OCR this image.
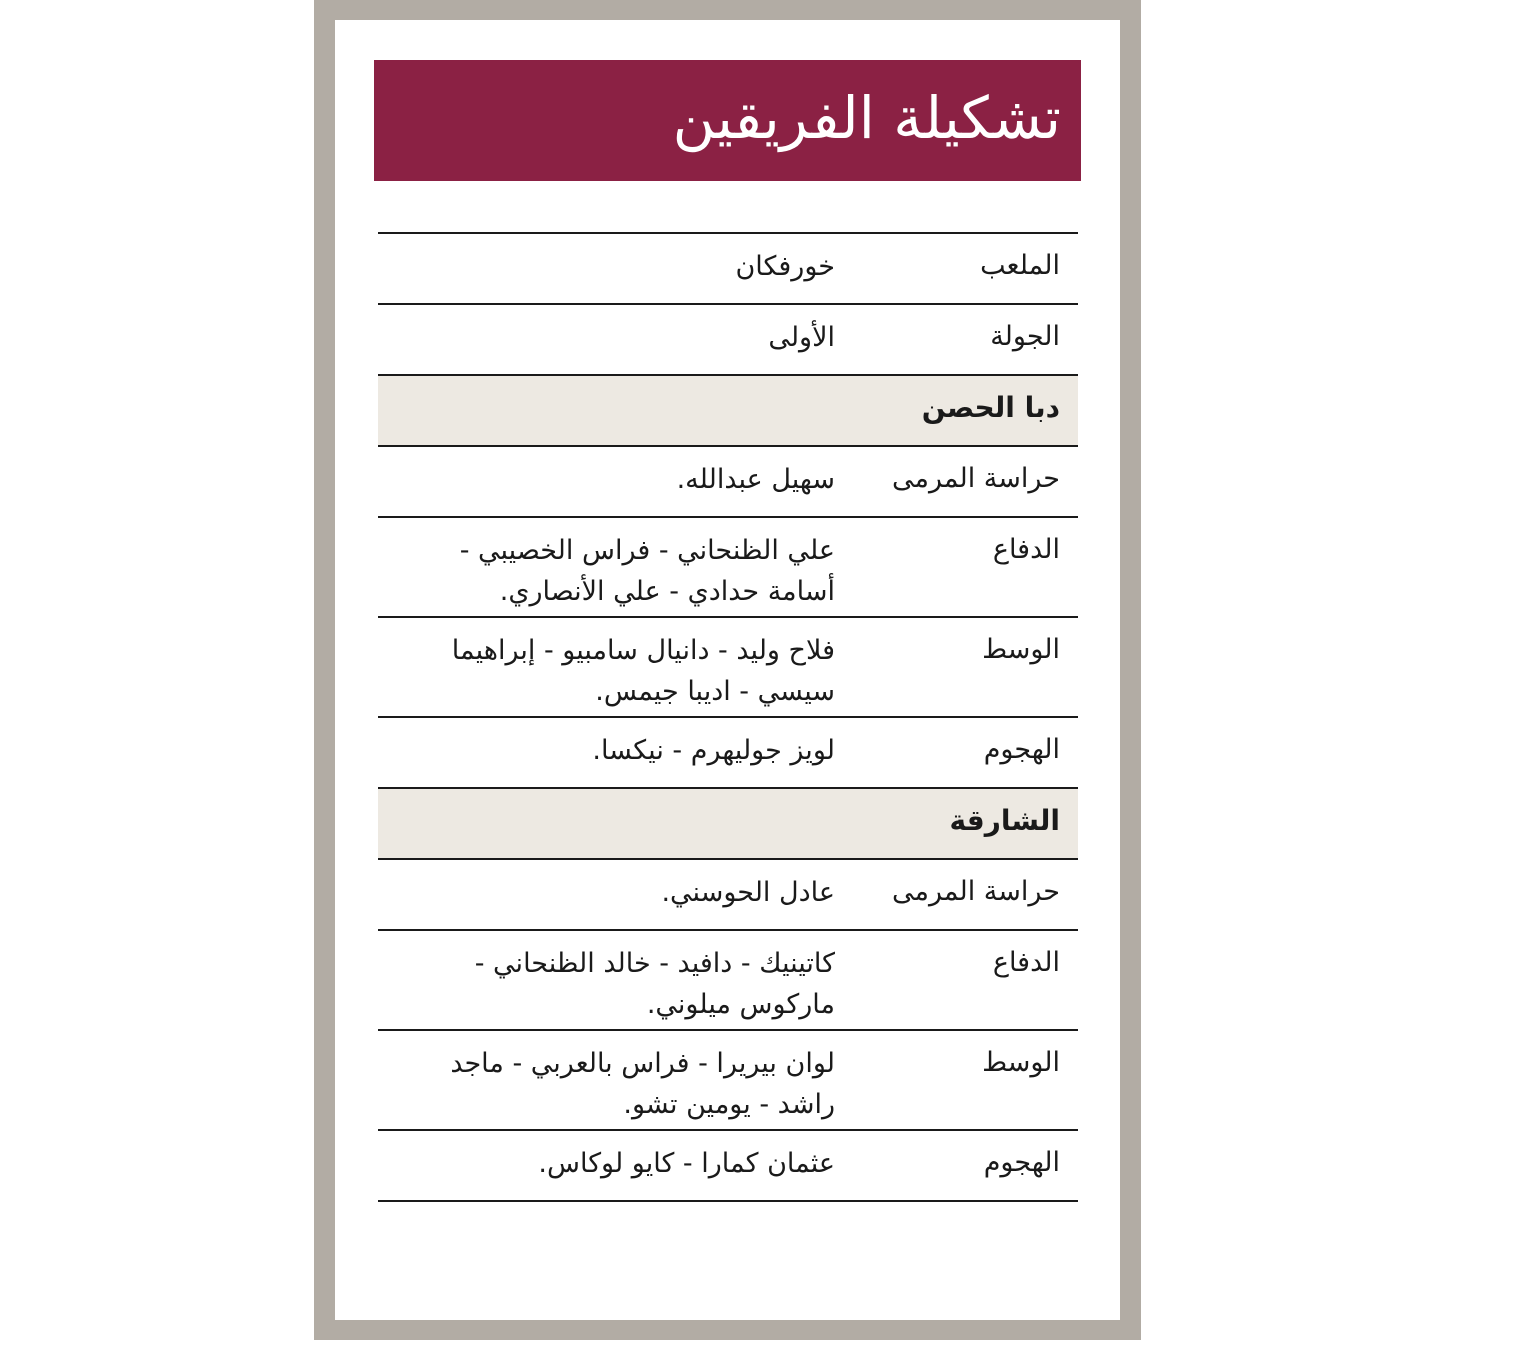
تشكيلة الفريقين
الملعب
خورفكان
الجولة
الأولى
دبا الحصن
حراسة المرمى
سهيل عبدالله.
الدفاع
علي الظنحاني - فراس الخصيبي - أسامة حدادي - علي الأنصاري.
الوسط
فلاح وليد - دانيال سامبيو - إبراهيما سيسي - اديبا جيمس.
الهجوم
لويز جوليهرم - نيكسا.
الشارقة
حراسة المرمى
عادل الحوسني.
الدفاع
كاتينيك - دافيد - خالد الظنحاني - ماركوس ميلوني.
الوسط
لوان بيريرا - فراس بالعربي - ماجد راشد - يومين تشو.
الهجوم
عثمان كمارا - كايو لوكاس.
